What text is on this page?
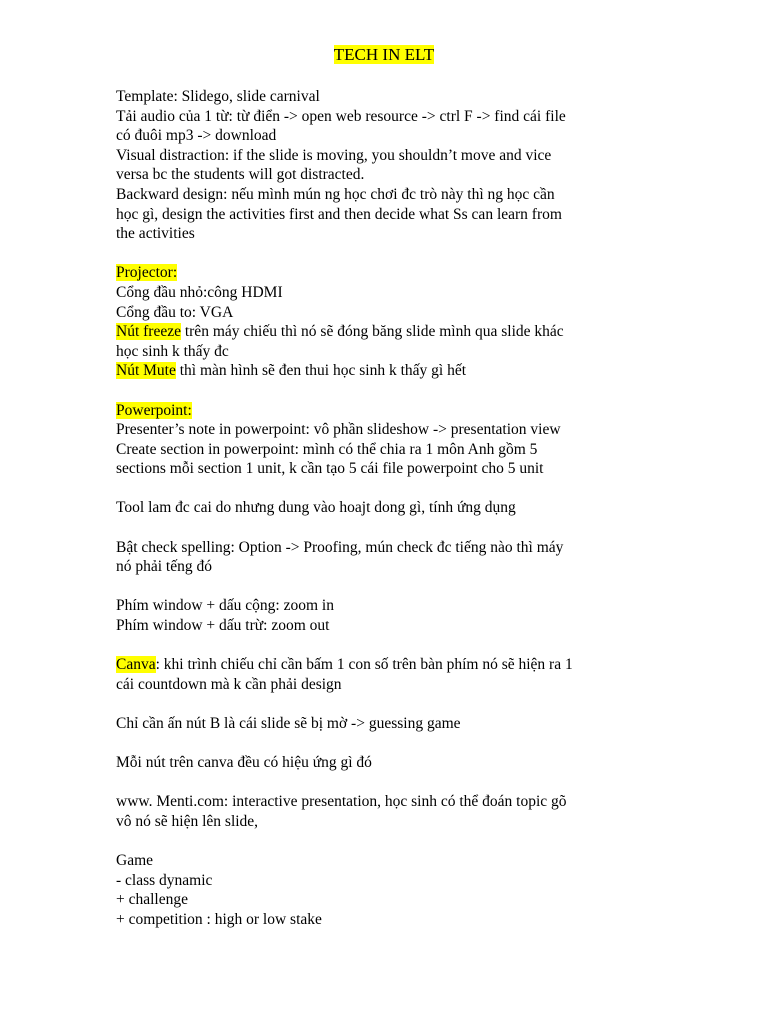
TECH IN ELT
Template: Slidego, slide carnival
Tải audio của 1 từ: từ điển -> open web resource -> ctrl F -> find cái file
có đuôi mp3 -> download
Visual distraction: if the slide is moving, you shouldn’t move and vice
versa bc the students will got distracted.
Backward design: nếu mình mún ng học chơi đc trò này thì ng học cần
học gì, design the activities first and then decide what Ss can learn from
the activities
Projector:
Cổng đầu nhỏ:công HDMI
Cổng đầu to: VGA
Nút freeze trên máy chiếu thì nó sẽ đóng băng slide mình qua slide khác
học sinh k thấy đc
Nút Mute thì màn hình sẽ đen thui học sinh k thấy gì hết
Powerpoint:
Presenter’s note in powerpoint: vô phần slideshow -> presentation view
Create section in powerpoint: mình có thể chia ra 1 môn Anh gồm 5
sections mỗi section 1 unit, k cần tạo 5 cái file powerpoint cho 5 unit
Tool lam đc cai do nhưng dung vào hoajt dong gì, tính ứng dụng
Bật check spelling: Option -> Proofing, mún check đc tiếng nào thì máy
nó phải tếng đó
Phím window + dấu cộng: zoom in
Phím window + dấu trừ: zoom out
Canva: khi trình chiếu chỉ cần bấm 1 con số trên bàn phím nó sẽ hiện ra 1
cái countdown mà k cần phải design
Chỉ cần ấn nút B là cái slide sẽ bị mờ -> guessing game
Mỗi nút trên canva đều có hiệu ứng gì đó
www. Menti.com: interactive presentation, học sinh có thể đoán topic gõ
vô nó sẽ hiện lên slide,
Game
- class dynamic
+ challenge
+ competition : high or low stake
